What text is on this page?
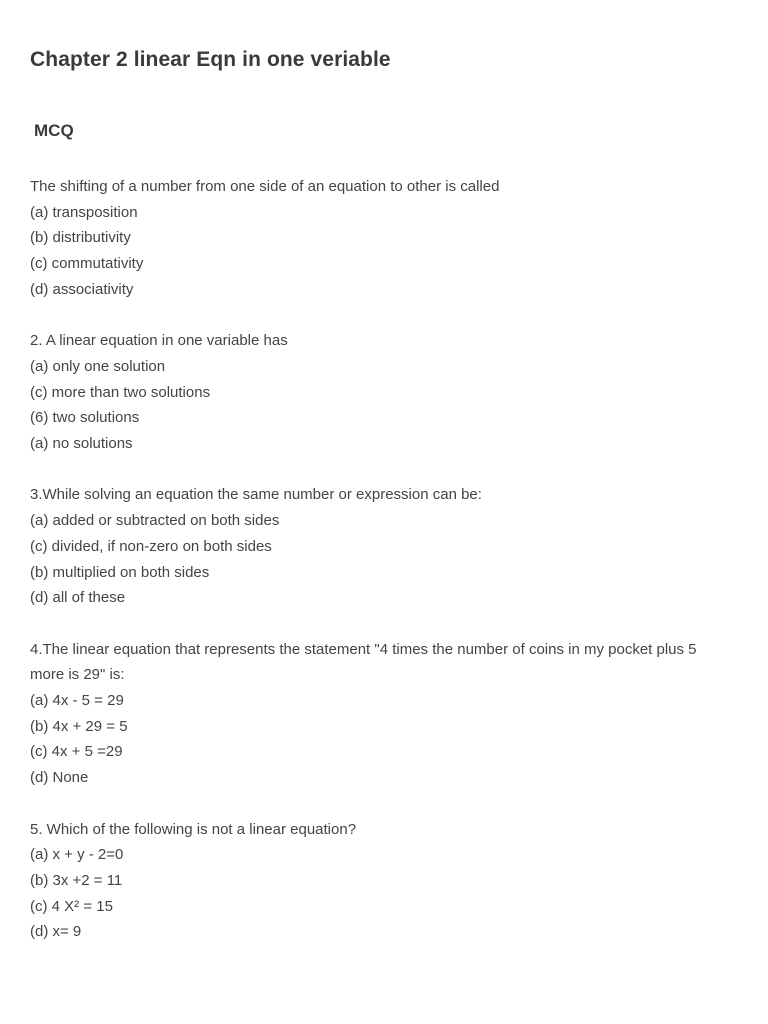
Chapter 2 linear Eqn in one veriable
MCQ
The shifting of a number from one side of an equation to other is called
(a) transposition
(b) distributivity
(c) commutativity
(d) associativity
2. A linear equation in one variable has
(a) only one solution
(c) more than two solutions
(6) two solutions
(a) no solutions
3.While solving an equation the same number or expression can be:
(a) added or subtracted on both sides
(c) divided, if non-zero on both sides
(b) multiplied on both sides
(d) all of these
4.The linear equation that represents the statement "4 times the number of coins in my pocket plus 5 more is 29" is:
(a) 4x - 5 = 29
(b) 4x + 29 = 5
(c) 4x + 5 =29
(d) None
5. Which of the following is not a linear equation?
(a) x + y - 2=0
(b) 3x +2 = 11
(c) 4 X² = 15
(d) x= 9
